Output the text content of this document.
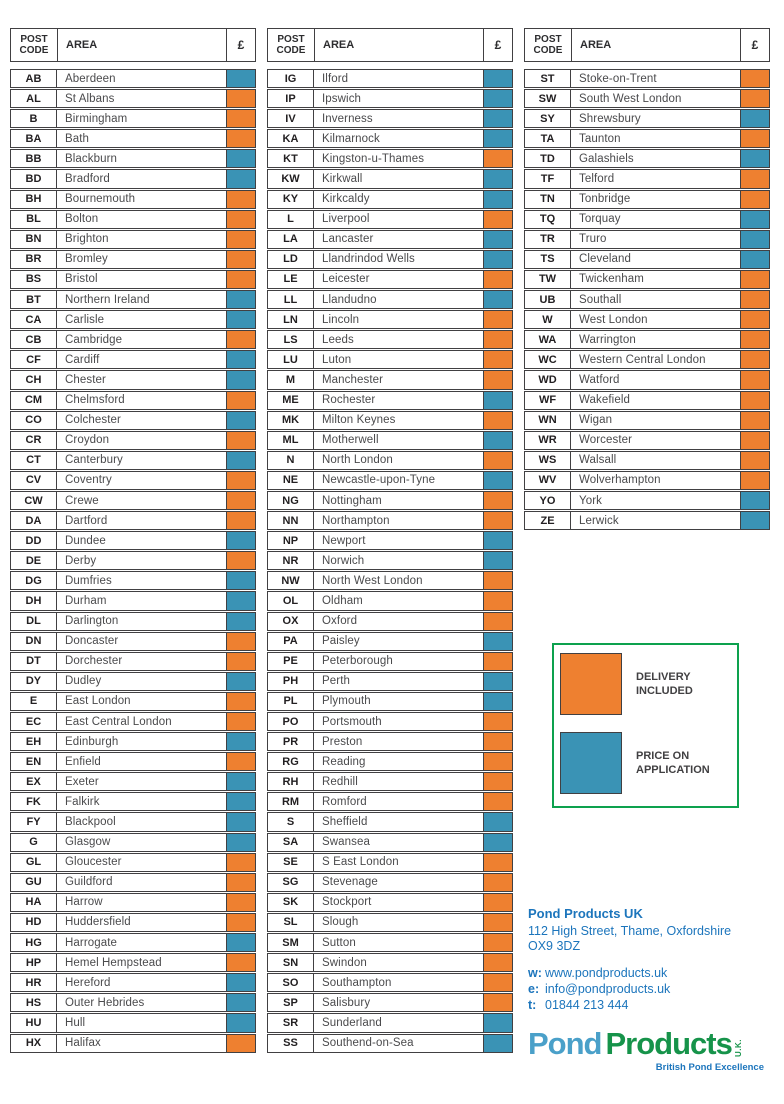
POST CODE	AREA	£
AB	Aberdeen
AL	St Albans
B	Birmingham
BA	Bath
BB	Blackburn
BD	Bradford
BH	Bournemouth
BL	Bolton
BN	Brighton
BR	Bromley
BS	Bristol
BT	Northern Ireland
CA	Carlisle
CB	Cambridge
CF	Cardiff
CH	Chester
CM	Chelmsford
CO	Colchester
CR	Croydon
CT	Canterbury
CV	Coventry
CW	Crewe
DA	Dartford
DD	Dundee
DE	Derby
DG	Dumfries
DH	Durham
DL	Darlington
DN	Doncaster
DT	Dorchester
DY	Dudley
E	East London
EC	East Central London
EH	Edinburgh
EN	Enfield
EX	Exeter
FK	Falkirk
FY	Blackpool
G	Glasgow
GL	Gloucester
GU	Guildford
HA	Harrow
HD	Huddersfield
HG	Harrogate
HP	Hemel Hempstead
HR	Hereford
HS	Outer Hebrides
HU	Hull
HX	Halifax
POST CODE	AREA	£
IG	Ilford
IP	Ipswich
IV	Inverness
KA	Kilmarnock
KT	Kingston-u-Thames
KW	Kirkwall
KY	Kirkcaldy
L	Liverpool
LA	Lancaster
LD	Llandrindod Wells
LE	Leicester
LL	Llandudno
LN	Lincoln
LS	Leeds
LU	Luton
M	Manchester
ME	Rochester
MK	Milton Keynes
ML	Motherwell
N	North London
NE	Newcastle-upon-Tyne
NG	Nottingham
NN	Northampton
NP	Newport
NR	Norwich
NW	North West London
OL	Oldham
OX	Oxford
PA	Paisley
PE	Peterborough
PH	Perth
PL	Plymouth
PO	Portsmouth
PR	Preston
RG	Reading
RH	Redhill
RM	Romford
S	Sheffield
SA	Swansea
SE	S East London
SG	Stevenage
SK	Stockport
SL	Slough
SM	Sutton
SN	Swindon
SO	Southampton
SP	Salisbury
SR	Sunderland
SS	Southend-on-Sea
POST CODE	AREA	£
ST	Stoke-on-Trent
SW	South West London
SY	Shrewsbury
TA	Taunton
TD	Galashiels
TF	Telford
TN	Tonbridge
TQ	Torquay
TR	Truro
TS	Cleveland
TW	Twickenham
UB	Southall
W	West London
WA	Warrington
WC	Western Central London
WD	Watford
WF	Wakefield
WN	Wigan
WR	Worcester
WS	Walsall
WV	Wolverhampton
YO	York
ZE	Lerwick
DELIVERY INCLUDED
PRICE ON APPLICATION
Pond Products UK
112 High Street, Thame, Oxfordshire
OX9 3DZ
w: www.pondproducts.uk
e: info@pondproducts.uk
t: 01844 213 444
Pond Products U.K.
British Pond Excellence
